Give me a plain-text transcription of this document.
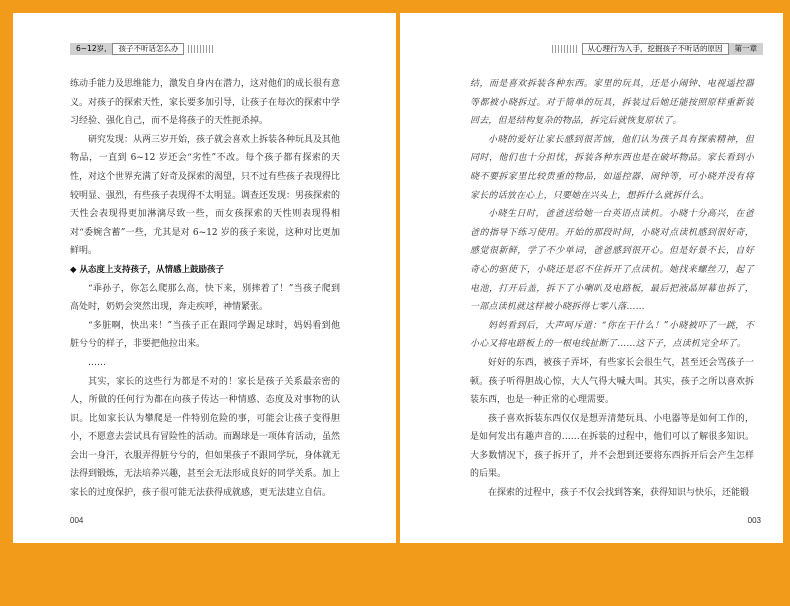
6~12岁, 孩子不听话怎么办

练动手能力及思维能力，激发自身内在潜力，这对他们的成长很有意义。对孩子的探索天性，家长要多加引导，让孩子在每次的探索中学习经验、强化自己，而不是将孩子的天性扼杀掉。

研究发现：从两三岁开始，孩子就会喜欢上拆装各种玩具及其他物品，一直到 6~12 岁还会“劣性”不改。每个孩子都有探索的天性，对这个世界充满了好奇及探索的渴望，只不过有些孩子表现得比较明显、强烈，有些孩子表现得不太明显。调查还发现：男孩探索的天性会表现得更加淋漓尽致一些，而女孩探索的天性则表现得相对“委婉含蓄”一些，尤其是对 6~12 岁的孩子来说，这种对比更加鲜明。

◆ 从态度上支持孩子，从情感上鼓励孩子

“乖孙子，你怎么爬那么高，快下来，别摔着了！”当孩子爬到高处时，奶奶会突然出现，奔走疾呼，神情紧张。

“多脏啊，快出来！”当孩子正在跟同学踢足球时，妈妈看到他脏兮兮的样子，非要把他拉出来。

……

其实，家长的这些行为都是不对的！家长是孩子关系最亲密的人，所做的任何行为都在向孩子传达一种情感、态度及对事物的认识。比如家长认为攀爬是一件特别危险的事，可能会让孩子变得胆小，不愿意去尝试具有冒险性的活动。而踢球是一项体育活动，虽然会出一身汗，衣服弄得脏兮兮的，但如果孩子不跟同学玩，身体就无法得到锻炼，无法培养兴趣，甚至会无法形成良好的同学关系。加上家长的过度保护，孩子很可能无法获得成就感，更无法建立自信。

004
从心理行为入手，挖掘孩子不听话的原因 第一章

结，而是喜欢拆装各种东西。家里的玩具，还是小闹钟、电视遥控器等都被小晓拆过。对于简单的玩具，拆装过后她还能按照原样重新装回去，但是结构复杂的物品，拆完后就恢复原状了。

小晓的爱好让家长感到很苦恼，他们认为孩子具有探索精神，但同时，他们也十分担忧，拆装各种东西也是在破坏物品。家长看到小晓不要拆家里比较贵重的物品，如遥控器、闹钟等，可小晓并没有将家长的话放在心上，只要她在兴头上，想拆什么就拆什么。

小晓生日时，爸爸送给她一台英语点读机。小晓十分高兴，在爸爸的指导下练习使用。开始的那段时间，小晓对点读机感到很好奇，感觉很新鲜，学了不少单词，爸爸感到很开心。但是好景不长，自好奇心的驱使下，小晓还是忍不住拆开了点读机。她找来螺丝刀，起了电池，打开后盖，拆下了小喇叭及电路板，最后把液晶屏幕也拆了，一部点读机就这样被小晓拆得七零八落……

妈妈看到后，大声呵斥道：“你在干什么！”小晓被吓了一跳，不小心又将电路板上的一根电线扯断了……这下子，点读机完全坏了。

好好的东西，被孩子弄坏，有些家长会很生气，甚至还会骂孩子一顿。孩子听得胆战心惊，大人气得大喊大叫。其实，孩子之所以喜欢拆装东西，也是一种正常的心理需要。

孩子喜欢拆装东西仅仅是想弄清楚玩具、小电器等是如何工作的，是如何发出有趣声音的……在拆装的过程中，他们可以了解很多知识。大多数情况下，孩子拆开了，并不会想到还要将东西拆开后会产生怎样的后果。

在探索的过程中，孩子不仅会找到答案，获得知识与快乐，还能锻

003
